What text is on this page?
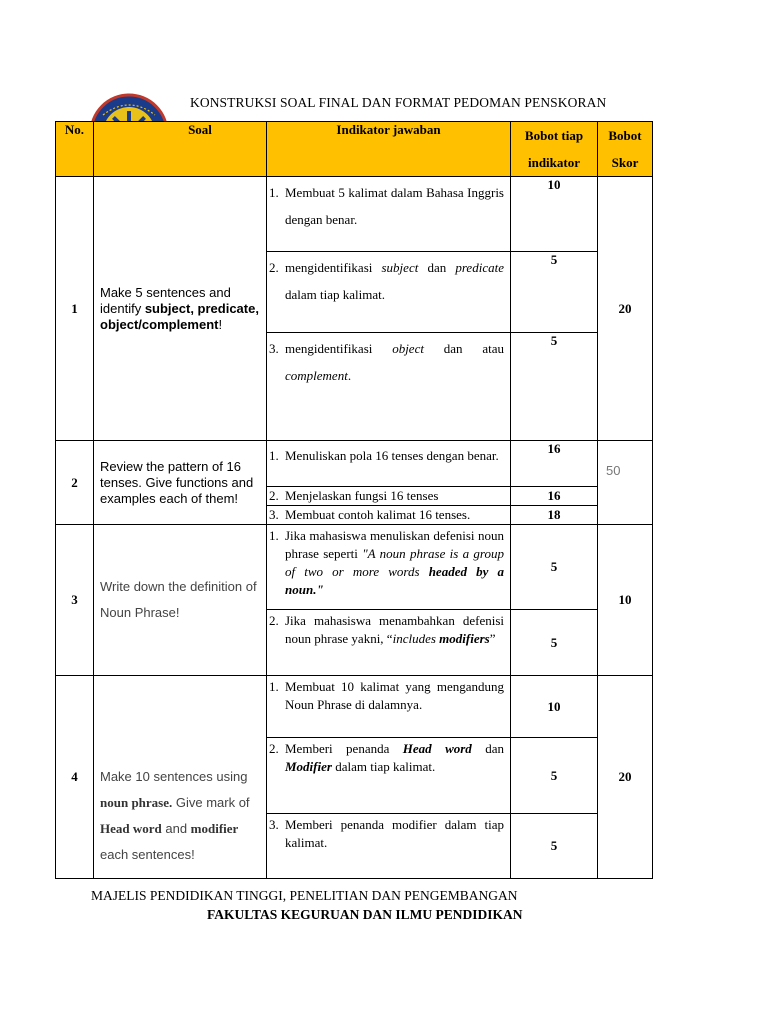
KONSTRUKSI SOAL FINAL DAN FORMAT PEDOMAN PENSKORAN
No.	Soal	Indikator jawaban	Bobot tiap indikator	Bobot Skor
1	Make 5 sentences and identify subject, predicate, object/complement!	1. Membuat 5 kalimat dalam Bahasa Inggris dengan benar.	10	20

		2. mengidentifikasi subject dan predicate dalam tiap kalimat.	5	

		3. mengidentifikasi object dan atau complement.	5	
2	Review the pattern of 16 tenses. Give functions and examples each of them!	1. Menuliskan pola 16 tenses dengan benar.	16	50

		2. Menjelaskan fungsi 16 tenses	16	

		3. Membuat contoh kalimat 16 tenses.	18	
3	Write down the definition of Noun Phrase!	1. Jika mahasiswa menuliskan defenisi noun phrase seperti "A noun phrase is a group of two or more words headed by a noun."	5	10

		2. Jika mahasiswa menambahkan defenisi noun phrase yakni, “includes modifiers”	5	
4	Make 10 sentences using noun phrase. Give mark of Head word and modifier each sentences!	1. Membuat 10 kalimat yang mengandung Noun Phrase di dalamnya.	10	20

		2. Memberi penanda Head word dan Modifier dalam tiap kalimat.	5	

		3. Memberi penanda modifier dalam tiap kalimat.	5	
MAJELIS PENDIDIKAN TINGGI, PENELITIAN DAN PENGEMBANGAN
FAKULTAS KEGURUAN DAN ILMU PENDIDIKAN
